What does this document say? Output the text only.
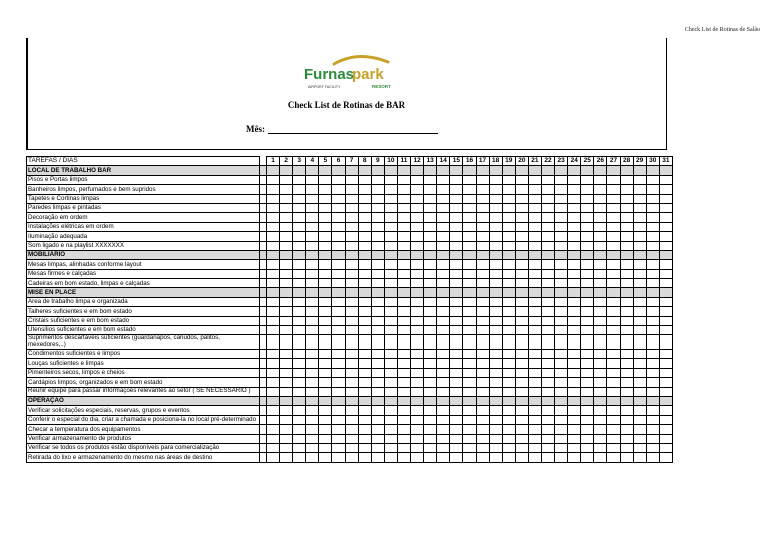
Check List de Rotinas de Salão
Furnas
park
AIRPORT FACILITY	RESORT
Check List de Rotinas de BAR
Mês:
TAREFAS / DIAS		1	2	3	4	5	6	7	8	9	10	11	12	13	14	15	16	17	18	19	20	21	22	23	24	25	26	27	28	29	30	31
LOCAL DE TRABALHO BAR																																
Pisos e Portas limpos																																
Banheiros limpos, perfumados e bem supridos																																
Tapetes e Cortinas limpas																																
Paredes limpas e pintadas																																
Decoração em ordem																																
Instalações elétricas em ordem																																
Iluminação adequada																																
Som ligado e na playlist XXXXXXX																																
MOBILIÁRIO																																
Mesas limpas, alinhadas conforme layout																																
Mesas firmes e calçadas																																
Cadeiras em bom estado, limpas e calçadas																																
MISE EN PLACE																																
Área de trabalho limpa e organizada																																
Talheres suficientes e em bom estado																																
Cristais suficientes e em bom estado																																
Utensílios suficientes e em bom estado																																
Suprimentos descartáveis suficientes (guardanapos, canudos, palitos, mexedores,..)																																
Condimentos suficientes e limpos																																
Louças suficientes e limpas																																
Pimenteiros secos, limpos e cheios																																
Cardápios limpos, organizados e em bom estado																																
Reunir equipe para passar informações relevantes ao setor ( SE NECESSÁRIO )																																
OPERAÇÃO																																
Verificar solicitações especiais, reservas, grupos e eventos																																
Conferir o especial do dia, criar a chamada e posiciona-la no local pré-determinado																																
Checar a temperatura dos equipamentos																																
Verificar armazenamento de produtos																																
Verificar se todos os produtos estão disponíveis para comercialização																																
Retirada do lixo e armazenamento do mesmo nas áreas de destino																																
